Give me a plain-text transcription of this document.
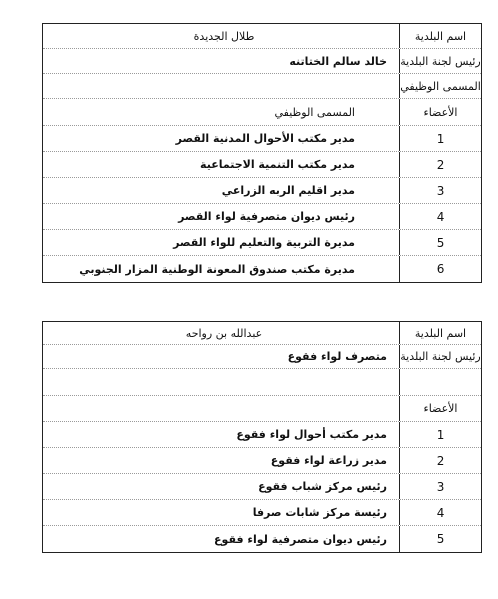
اسم البلدية
طلال الجديدة
رئيس لجنة البلدية
خالد سالم الختاتنه
المسمى الوظيفي
الأعضاء
المسمى الوظيفي
1
مدير مكتب الأحوال المدنية القصر
2
مدير مكتب التنمية الاجتماعية
3
مدير اقليم الربه الزراعي
4
رئيس ديوان متصرفية لواء القصر
5
مديرة التربية والتعليم للواء القصر
6
مديرة مكتب صندوق المعونة الوطنية المزار الجنوبي
اسم البلدية
عبدالله بن رواحه
رئيس لجنة البلدية
متصرف لواء فقوع
الأعضاء
1
مدير مكتب أحوال لواء فقوع
2
مدير زراعة لواء فقوع
3
رئيس مركز شباب فقوع
4
رئيسة مركز شابات صرفا
5
رئيس ديوان متصرفية لواء فقوع
